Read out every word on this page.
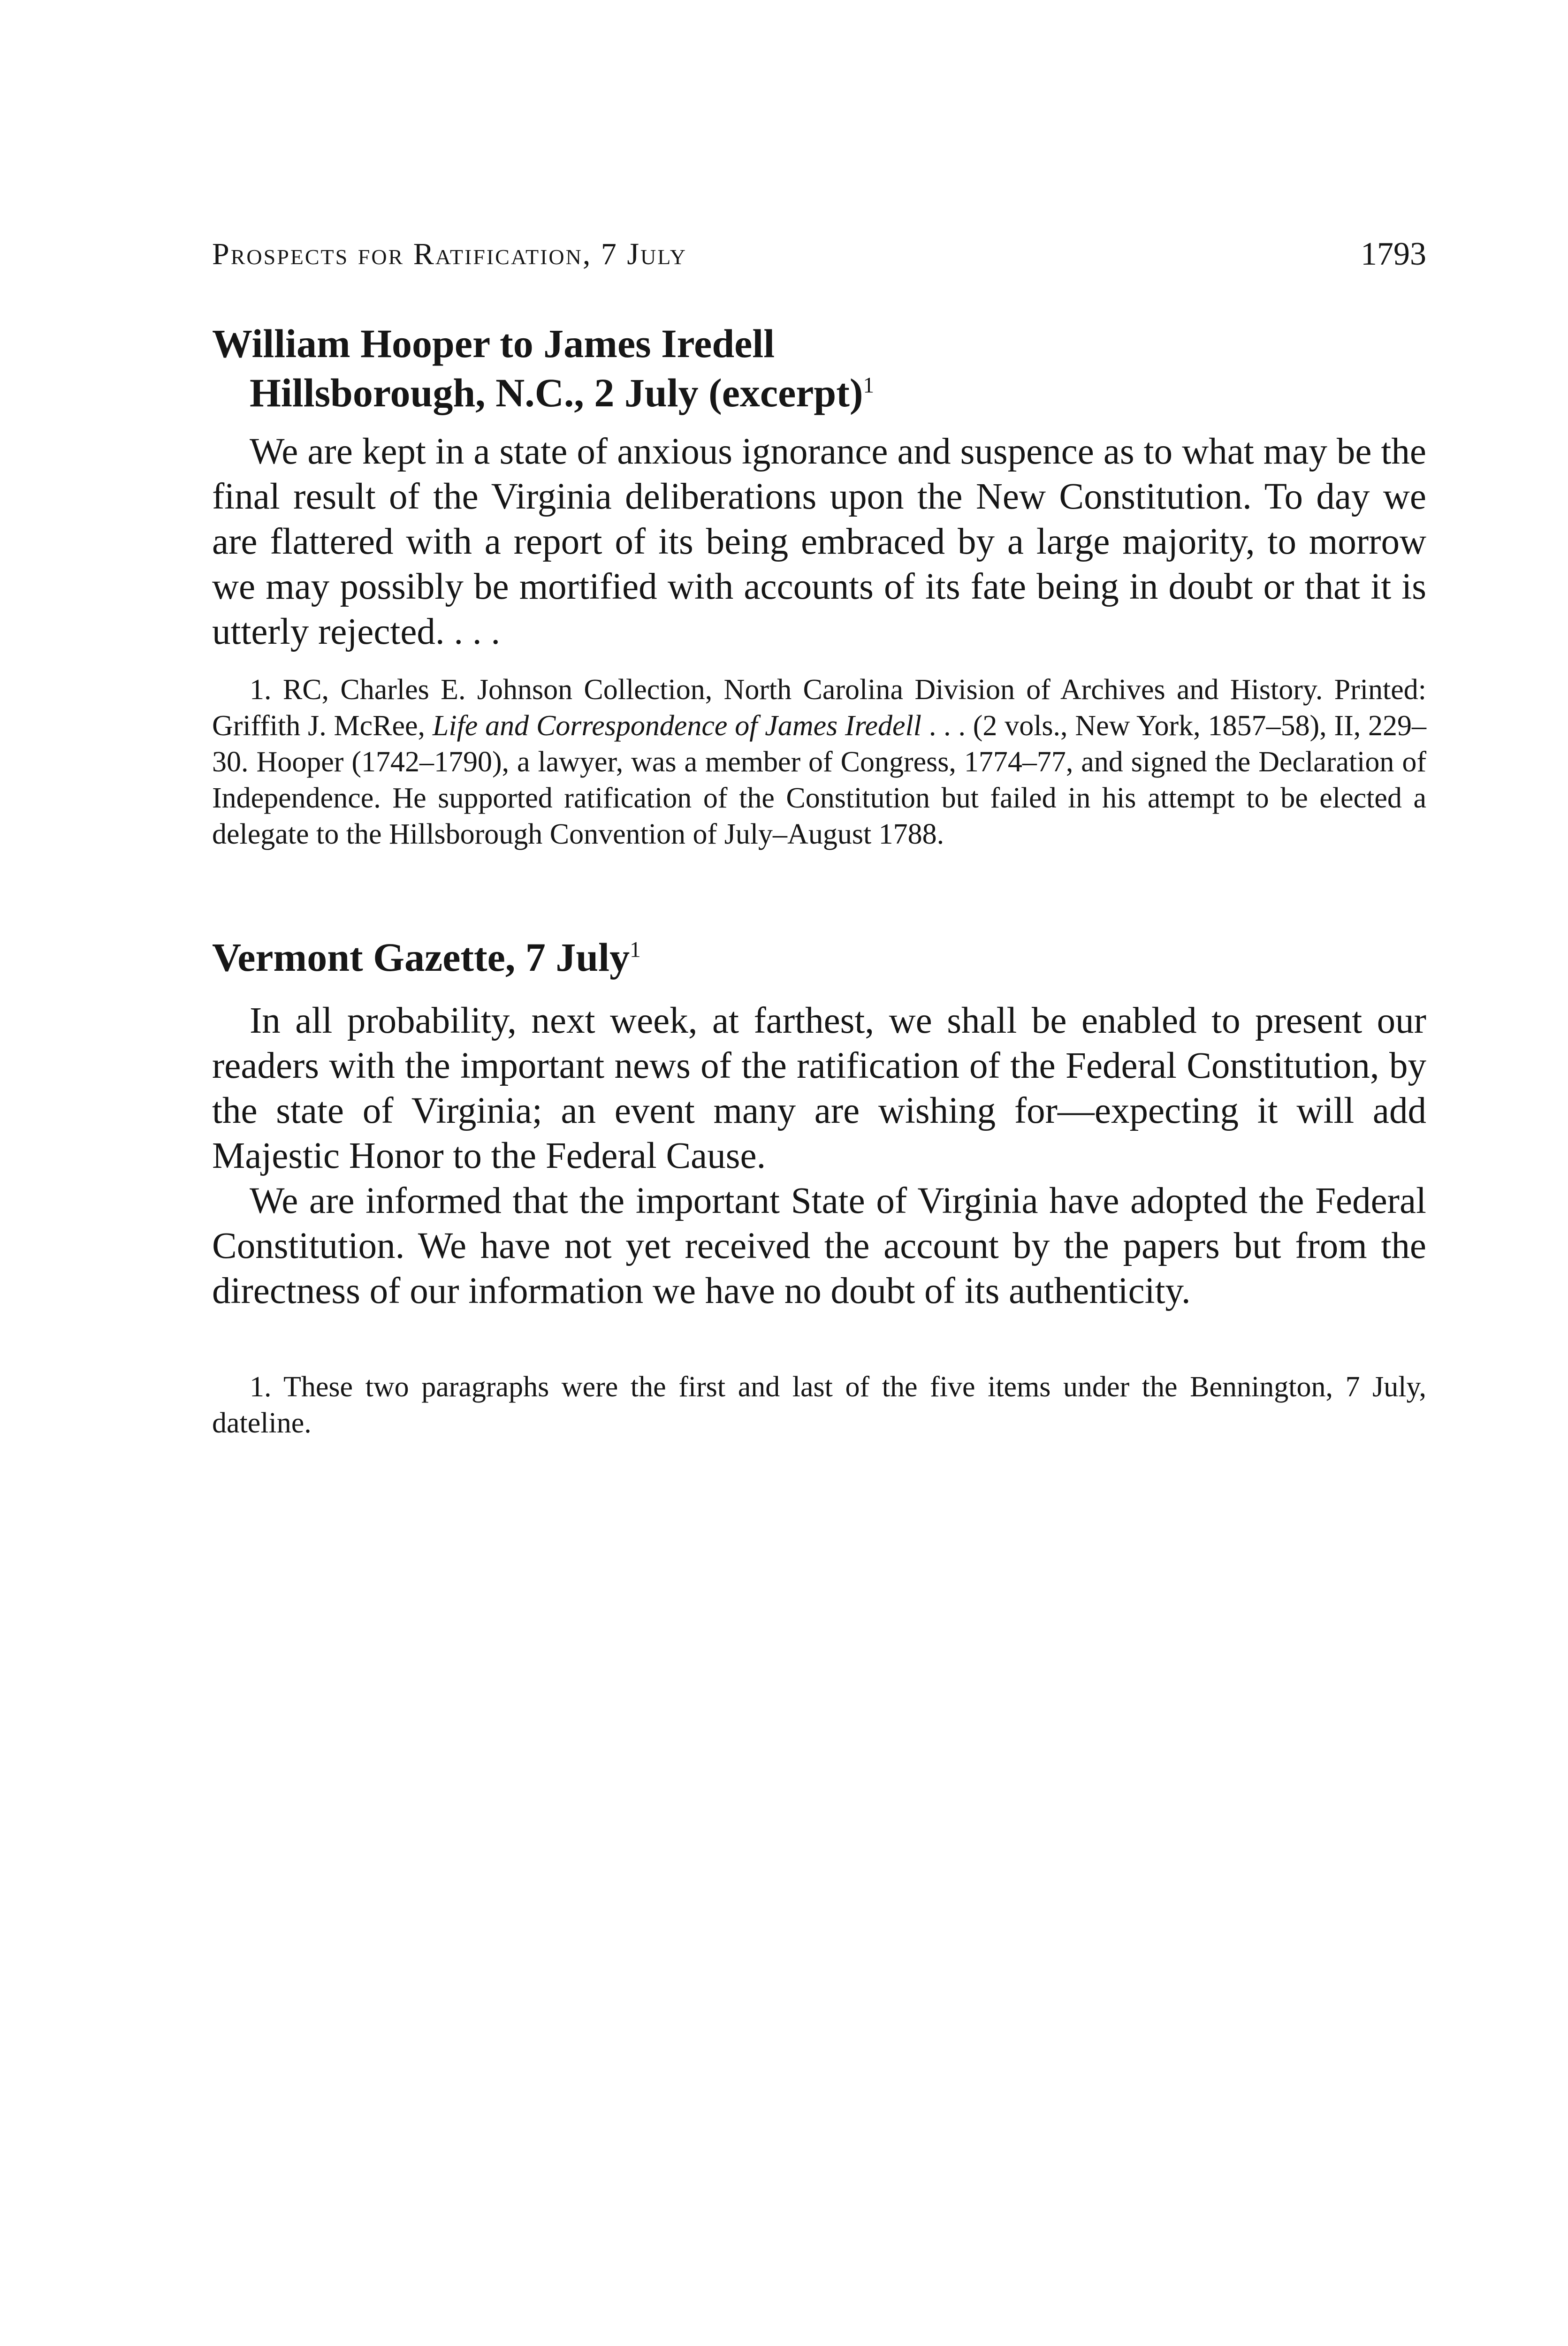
Prospects for Ratification, 7 July	1793
William Hooper to James Iredell
Hillsborough, N.C., 2 July (excerpt)$^1$

We are kept in a state of anxious ignorance and suspence as to what may be the final result of the Virginia deliberations upon the New Constitution. To day we are flattered with a report of its being embraced by a large majority, to morrow we may possibly be mortified with accounts of its fate being in doubt or that it is utterly rejected. . . .

1. RC, Charles E. Johnson Collection, North Carolina Division of Archives and History. Printed: Griffith J. McRee, Life and Correspondence of James Iredell . . . (2 vols., New York, 1857–58), II, 229–30. Hooper (1742–1790), a lawyer, was a member of Congress, 1774–77, and signed the Declaration of Independence. He supported ratification of the Constitution but failed in his attempt to be elected a delegate to the Hillsborough Convention of July–August 1788.

Vermont Gazette, 7 July$^1$

In all probability, next week, at farthest, we shall be enabled to present our readers with the important news of the ratification of the Federal Constitution, by the state of Virginia; an event many are wishing for—expecting it will add Majestic Honor to the Federal Cause.

We are informed that the important State of Virginia have adopted the Federal Constitution. We have not yet received the account by the papers but from the directness of our information we have no doubt of its authenticity.

1. These two paragraphs were the first and last of the five items under the Bennington, 7 July, dateline.
